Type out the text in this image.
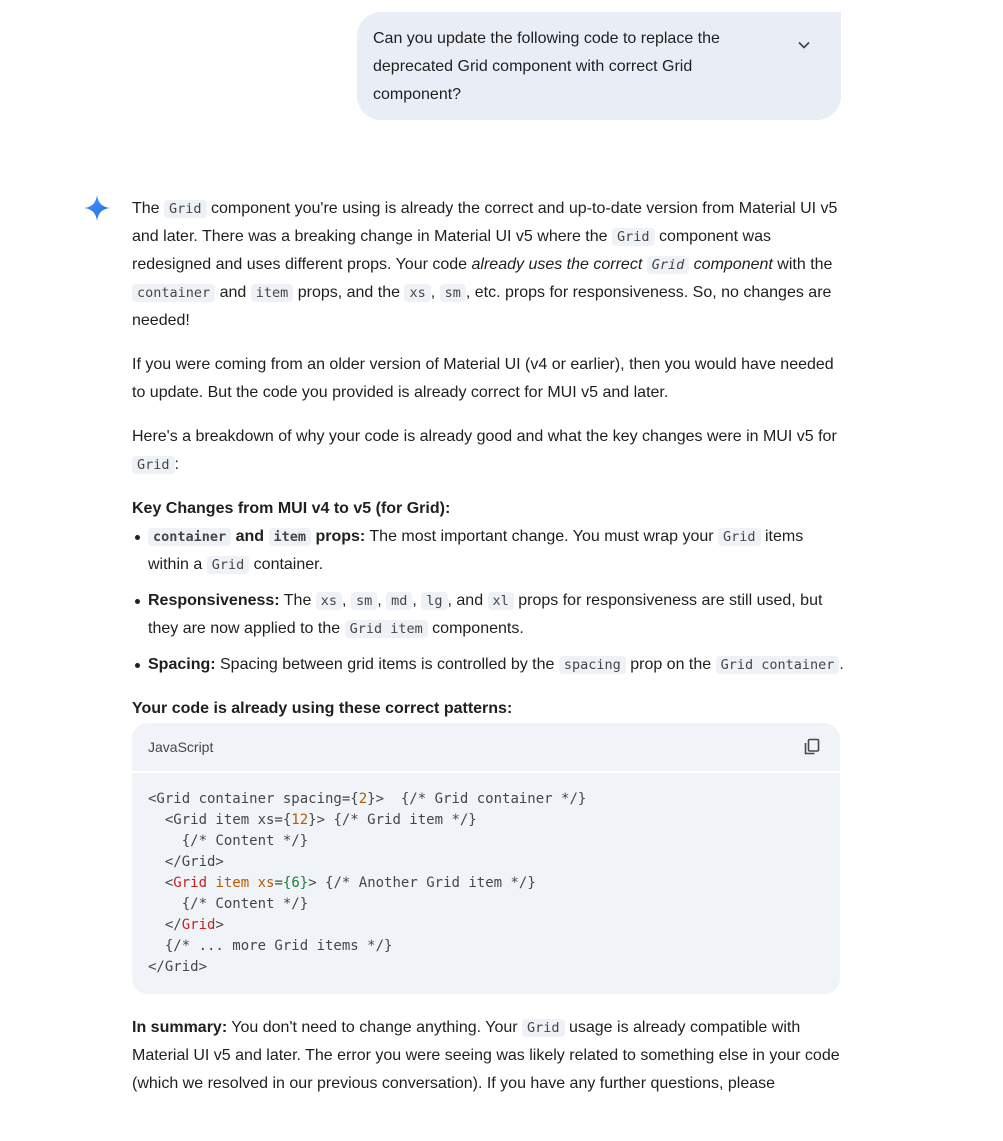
Can you update the following code to replace the
deprecated Grid component with correct Grid
component?

The Grid component you're using is already the correct and up-to-date version from Material UI v5 and later. There was a breaking change in Material UI v5 where the Grid component was redesigned and uses different props. Your code already uses the correct Grid component with the container and item props, and the xs , sm , etc. props for responsiveness. So, no changes are needed!

If you were coming from an older version of Material UI (v4 or earlier), then you would have needed to update. But the code you provided is already correct for MUI v5 and later.

Here's a breakdown of why your code is already good and what the key changes were in MUI v5 for Grid :

Key Changes from MUI v4 to v5 (for Grid):

container and item props: The most important change. You must wrap your Grid items within a Grid container.
Responsiveness: The xs , sm , md , lg , and xl props for responsiveness are still used, but they are now applied to the Grid item components.
Spacing: Spacing between grid items is controlled by the spacing prop on the Grid container .

Your code is already using these correct patterns:

JavaScript
<Grid container spacing={2}>  {/* Grid container */}
<Grid item xs={12}> {/* Grid item */}
{/* Content */}
</Grid>
<Grid item xs={6}> {/* Another Grid item */}
{/* Content */}
</Grid>
{/* ... more Grid items */}
</Grid>

In summary: You don't need to change anything. Your Grid usage is already compatible with Material UI v5 and later. The error you were seeing was likely related to something else in your code (which we resolved in our previous conversation). If you have any further questions, please
